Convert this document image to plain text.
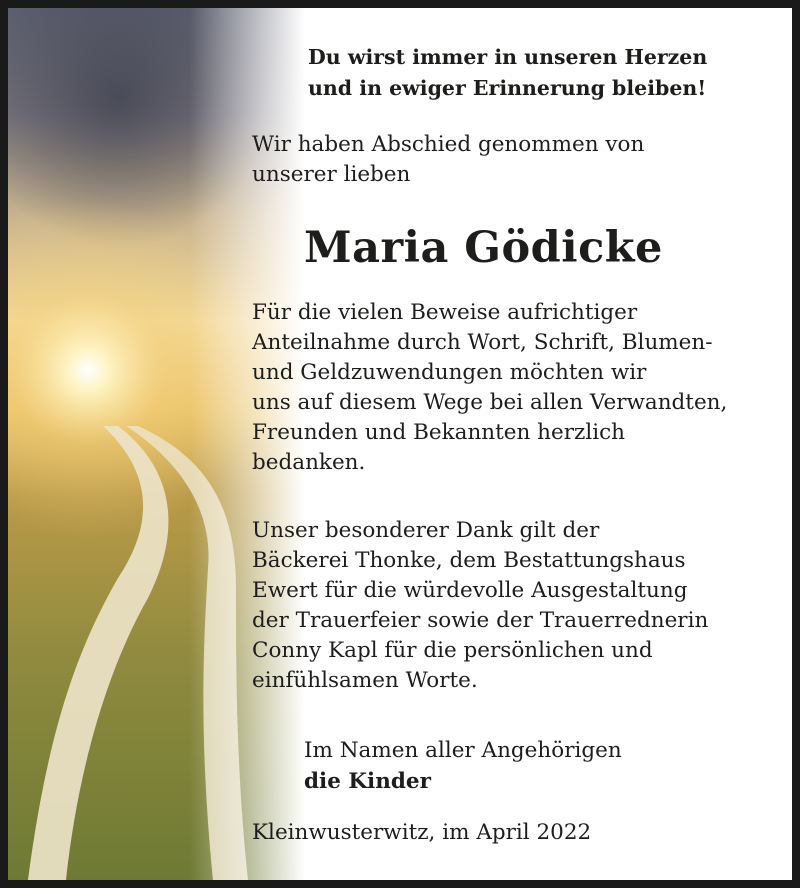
Du wirst immer in unseren Herzen
und in ewiger Erinnerung bleiben!

Wir haben Abschied genommen von
unserer lieben

Maria Gödicke

Für die vielen Beweise aufrichtiger
Anteilnahme durch Wort, Schrift, Blumen-
und Geldzuwendungen möchten wir
uns auf diesem Wege bei allen Verwandten,
Freunden und Bekannten herzlich
bedanken.

Unser besonderer Dank gilt der
Bäckerei Thonke, dem Bestattungshaus
Ewert für die würdevolle Ausgestaltung
der Trauerfeier sowie der Trauerrednerin
Conny Kapl für die persönlichen und
einfühlsamen Worte.

Im Namen aller Angehörigen

die Kinder

Kleinwusterwitz, im April 2022
